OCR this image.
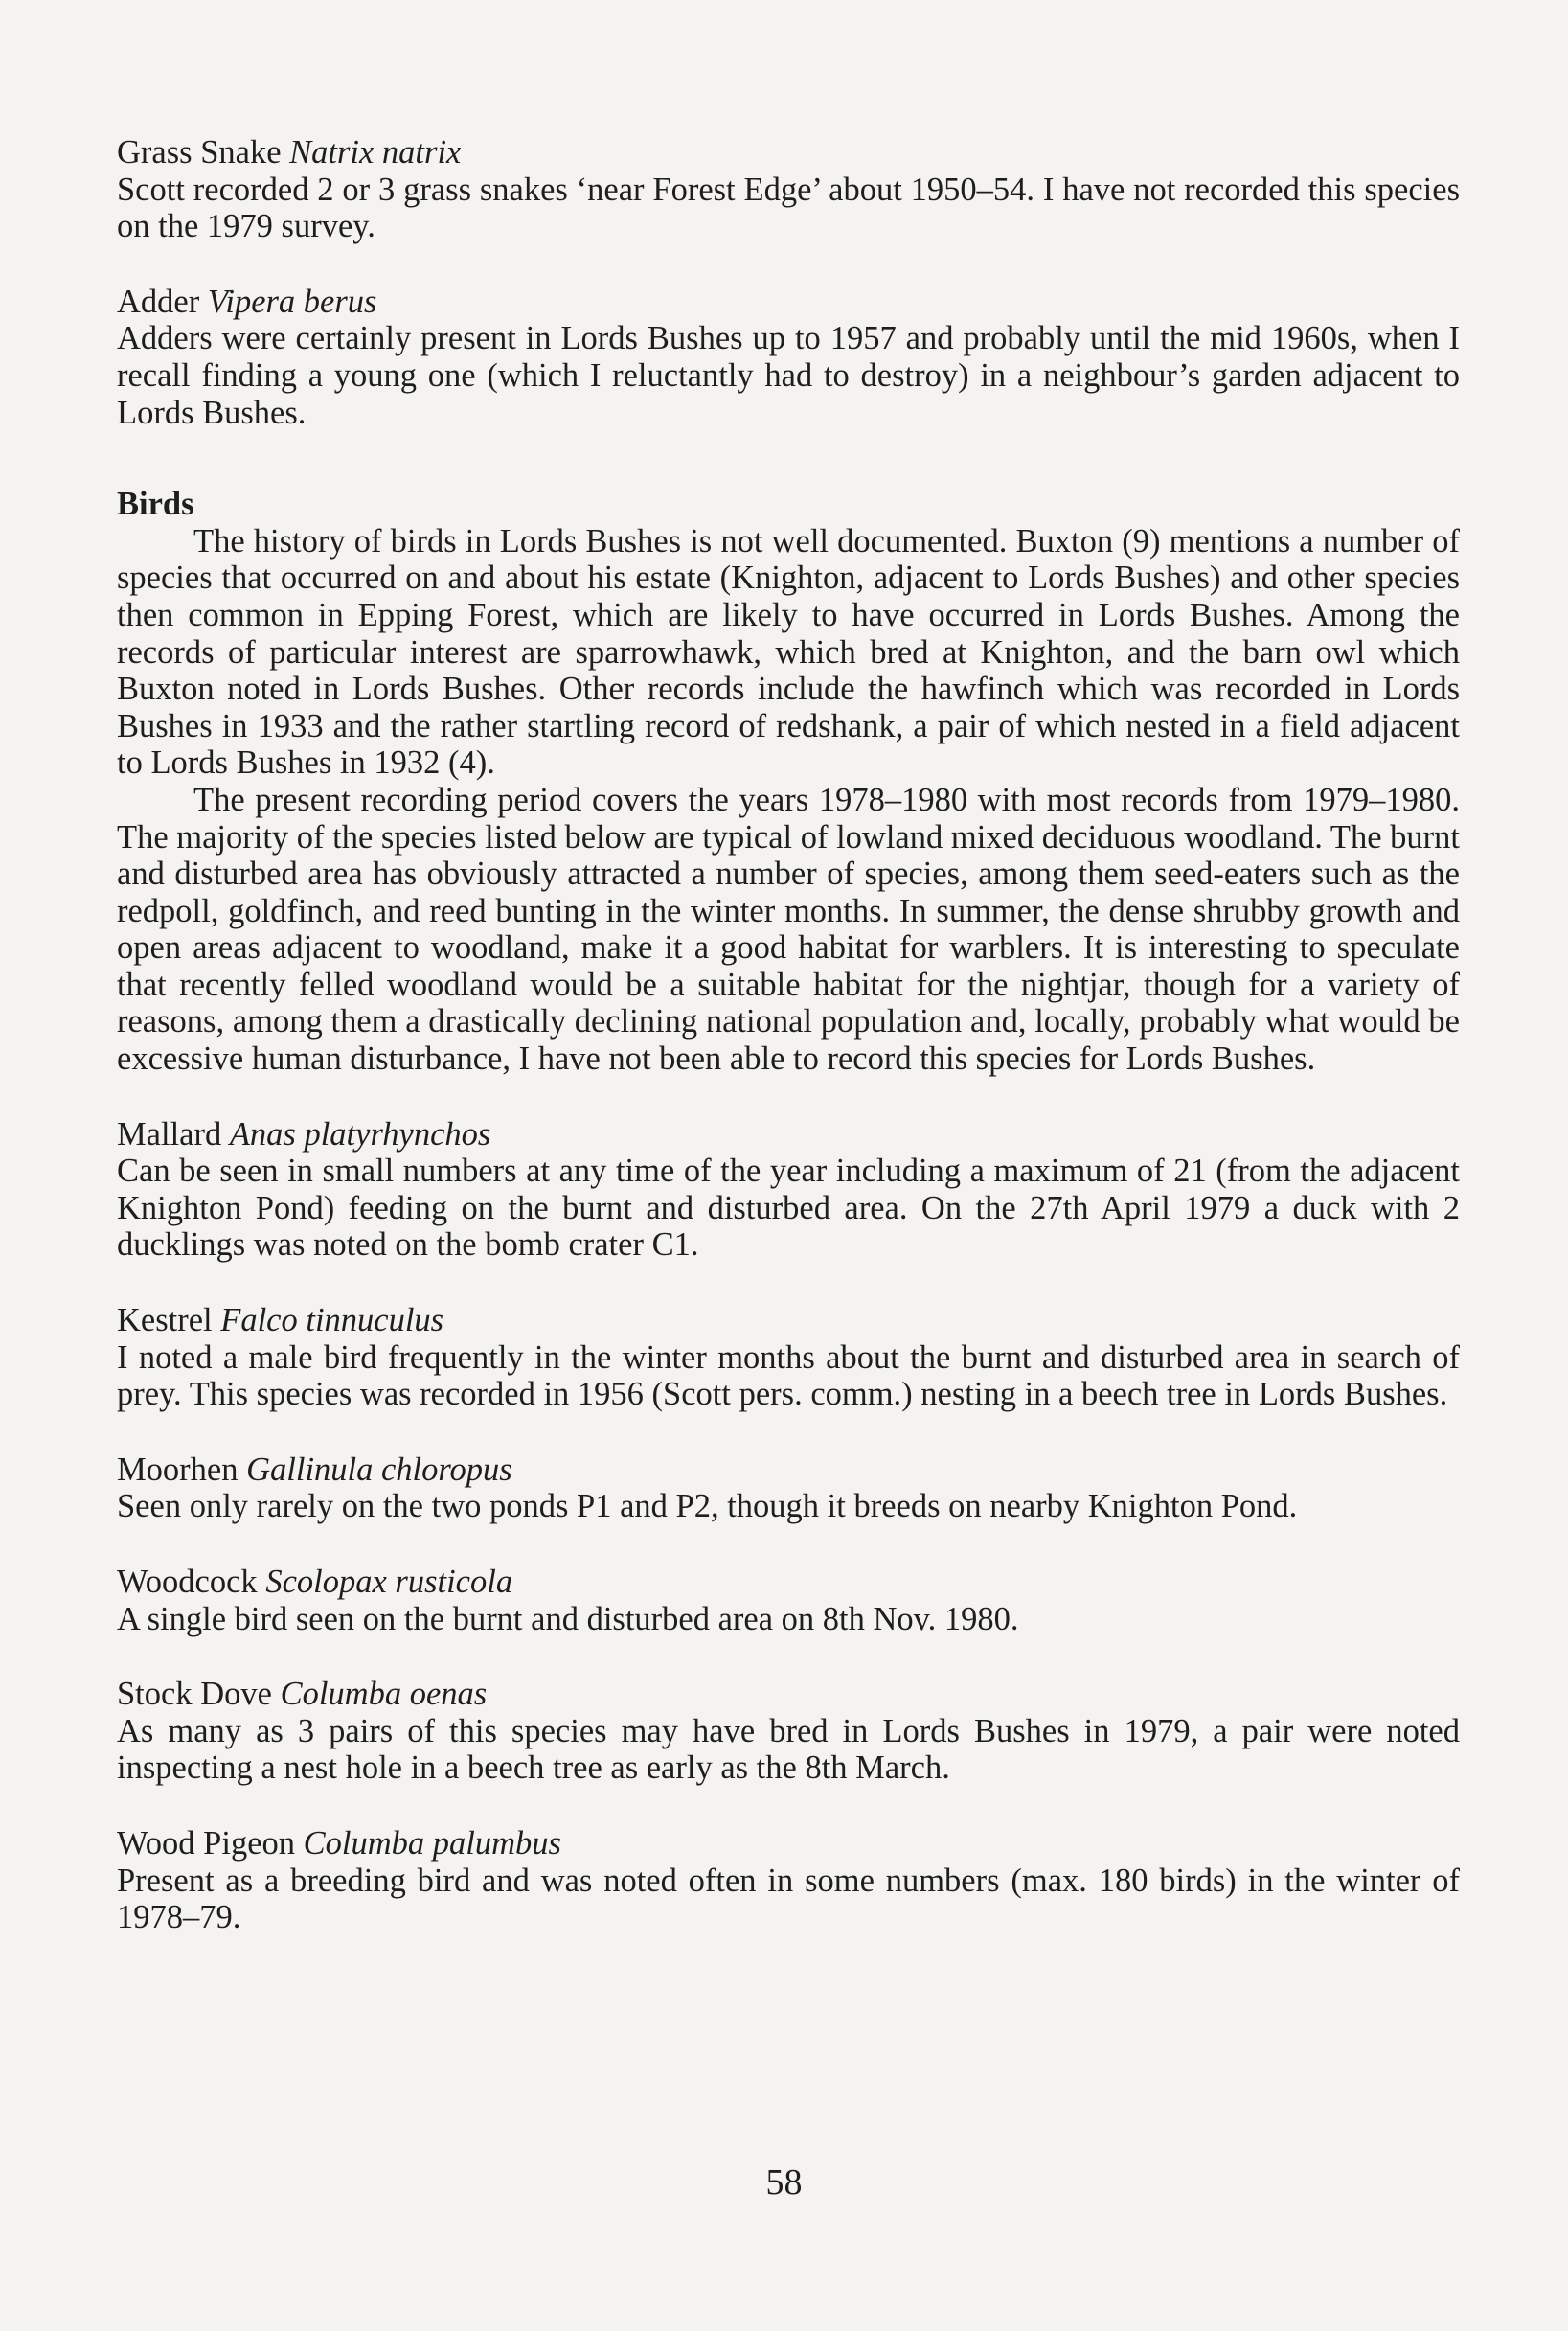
Grass Snake Natrix natrix

Scott recorded 2 or 3 grass snakes ‘near Forest Edge’ about 1950–54. I have not recorded this species on the 1979 survey.

Adder Vipera berus

Adders were certainly present in Lords Bushes up to 1957 and probably until the mid 1960s, when I recall finding a young one (which I reluctantly had to destroy) in a neighbour’s garden adjacent to Lords Bushes.

Birds

The history of birds in Lords Bushes is not well documented. Buxton (9) mentions a number of species that occurred on and about his estate (Knighton, adjacent to Lords Bushes) and other species then common in Epping Forest, which are likely to have occurred in Lords Bushes. Among the records of particular interest are sparrowhawk, which bred at Knighton, and the barn owl which Buxton noted in Lords Bushes. Other records include the hawfinch which was recorded in Lords Bushes in 1933 and the rather startling record of redshank, a pair of which nested in a field adjacent to Lords Bushes in 1932 (4).

The present recording period covers the years 1978–1980 with most records from 1979–1980. The majority of the species listed below are typical of lowland mixed deciduous woodland. The burnt and disturbed area has obviously attracted a number of species, among them seed-eaters such as the redpoll, goldfinch, and reed bunting in the winter months. In summer, the dense shrubby growth and open areas adjacent to woodland, make it a good habitat for warblers. It is interesting to speculate that recently felled woodland would be a suitable habitat for the nightjar, though for a variety of reasons, among them a drastically declining national population and, locally, probably what would be excessive human disturbance, I have not been able to record this species for Lords Bushes.

Mallard Anas platyrhynchos

Can be seen in small numbers at any time of the year including a maximum of 21 (from the adjacent Knighton Pond) feeding on the burnt and disturbed area. On the 27th April 1979 a duck with 2 ducklings was noted on the bomb crater C1.

Kestrel Falco tinnuculus

I noted a male bird frequently in the winter months about the burnt and disturbed area in search of prey. This species was recorded in 1956 (Scott pers. comm.) nesting in a beech tree in Lords Bushes.

Moorhen Gallinula chloropus

Seen only rarely on the two ponds P1 and P2, though it breeds on nearby Knighton Pond.

Woodcock Scolopax rusticola

A single bird seen on the burnt and disturbed area on 8th Nov. 1980.

Stock Dove Columba oenas

As many as 3 pairs of this species may have bred in Lords Bushes in 1979, a pair were noted inspecting a nest hole in a beech tree as early as the 8th March.

Wood Pigeon Columba palumbus

Present as a breeding bird and was noted often in some numbers (max. 180 birds) in the winter of 1978–79.

58
